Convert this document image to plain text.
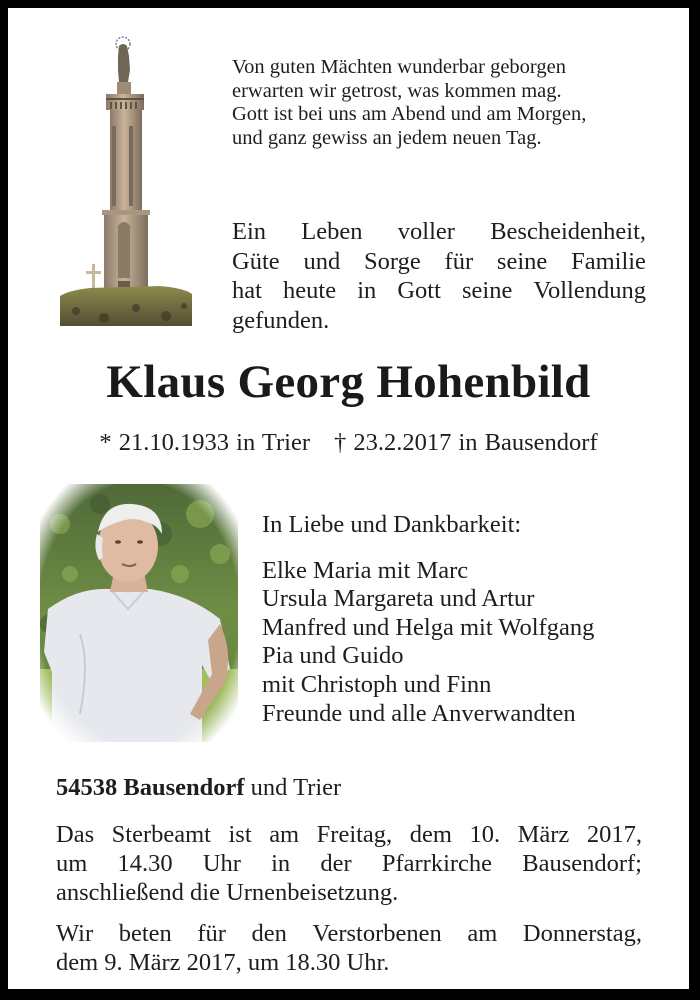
Von guten Mächten wunderbar geborgen
erwarten wir getrost, was kommen mag.
Gott ist bei uns am Abend und am Morgen,
und ganz gewiss an jedem neuen Tag.
Ein Leben voller Bescheidenheit,
Güte und Sorge für seine Familie
hat heute in Gott seine Vollendung
gefunden.
Klaus Georg Hohenbild
* 21.10.1933 in Trier † 23.2.2017 in Bausendorf
In Liebe und Dankbarkeit:
Elke Maria mit Marc
Ursula Margareta und Artur
Manfred und Helga mit Wolfgang
Pia und Guido
mit Christoph und Finn
Freunde und alle Anverwandten
54538 Bausendorf und Trier
Das Sterbeamt ist am Freitag, dem 10. März 2017,
um 14.30 Uhr in der Pfarrkirche Bausendorf;
anschließend die Urnenbeisetzung.
Wir beten für den Verstorbenen am Donnerstag,
dem 9. März 2017, um 18.30 Uhr.
